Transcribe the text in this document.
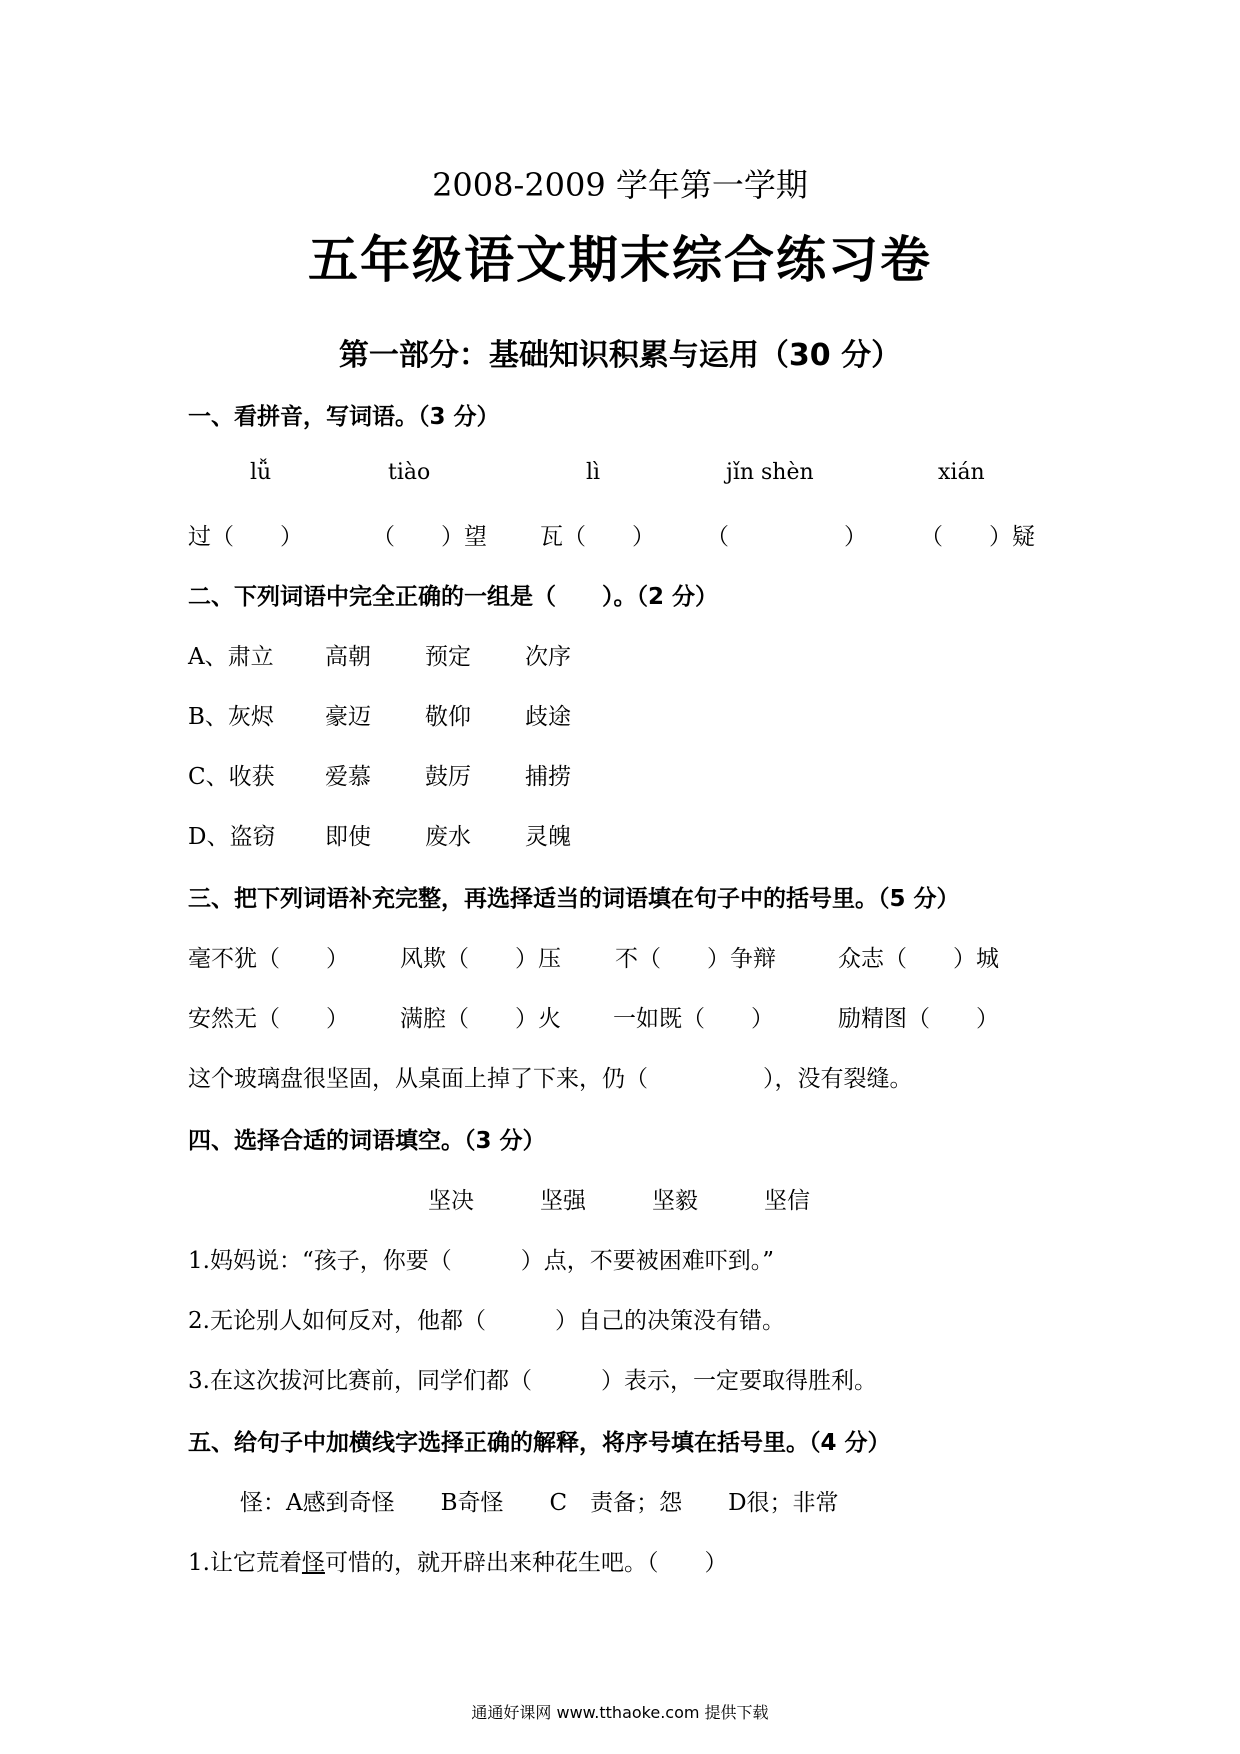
2008-2009 学年第一学期
五年级语文期末综合练习卷
第一部分：基础知识积累与运用（30 分）
一、看拼音，写词语。（3 分）
lǚ	tiào	lì	jǐn shèn	xián
过（　　）	（　　）望 瓦（　　） （　　　　　） （　　）疑
二、下列词语中完全正确的一组是（　　）。（2 分）
A、肃立 高朝 预定 次序
B、灰烬 豪迈 敬仰 歧途
C、收获 爱慕 鼓厉 捕捞
D、盗窃 即使 废水 灵魄
三、把下列词语补充完整，再选择适当的词语填在句子中的括号里。（5 分）
毫不犹（　　） 风欺（　　）压 不（　　）争辩	众志（　　）城
安然无（　　） 满腔（　　）火 一如既（　　）	励精图（　　）
这个玻璃盘很坚固，从桌面上掉了下来，仍（　　　　　），没有裂缝。
四、选择合适的词语填空。（3 分）
坚决	坚强	坚毅	坚信
1.妈妈说：“孩子，你要（　　　）点，不要被困难吓到。”
2.无论别人如何反对，他都（　　　）自己的决策没有错。
3.在这次拔河比赛前，同学们都（　　　）表示，一定要取得胜利。
五、给句子中加横线字选择正确的解释，将序号填在括号里。（4 分）
怪：A感到奇怪　　B奇怪　　C　责备；怨　　D很；非常
1.让它荒着怪可惜的，就开辟出来种花生吧。（　　）
通通好课网 www.tthaoke.com 提供下载
